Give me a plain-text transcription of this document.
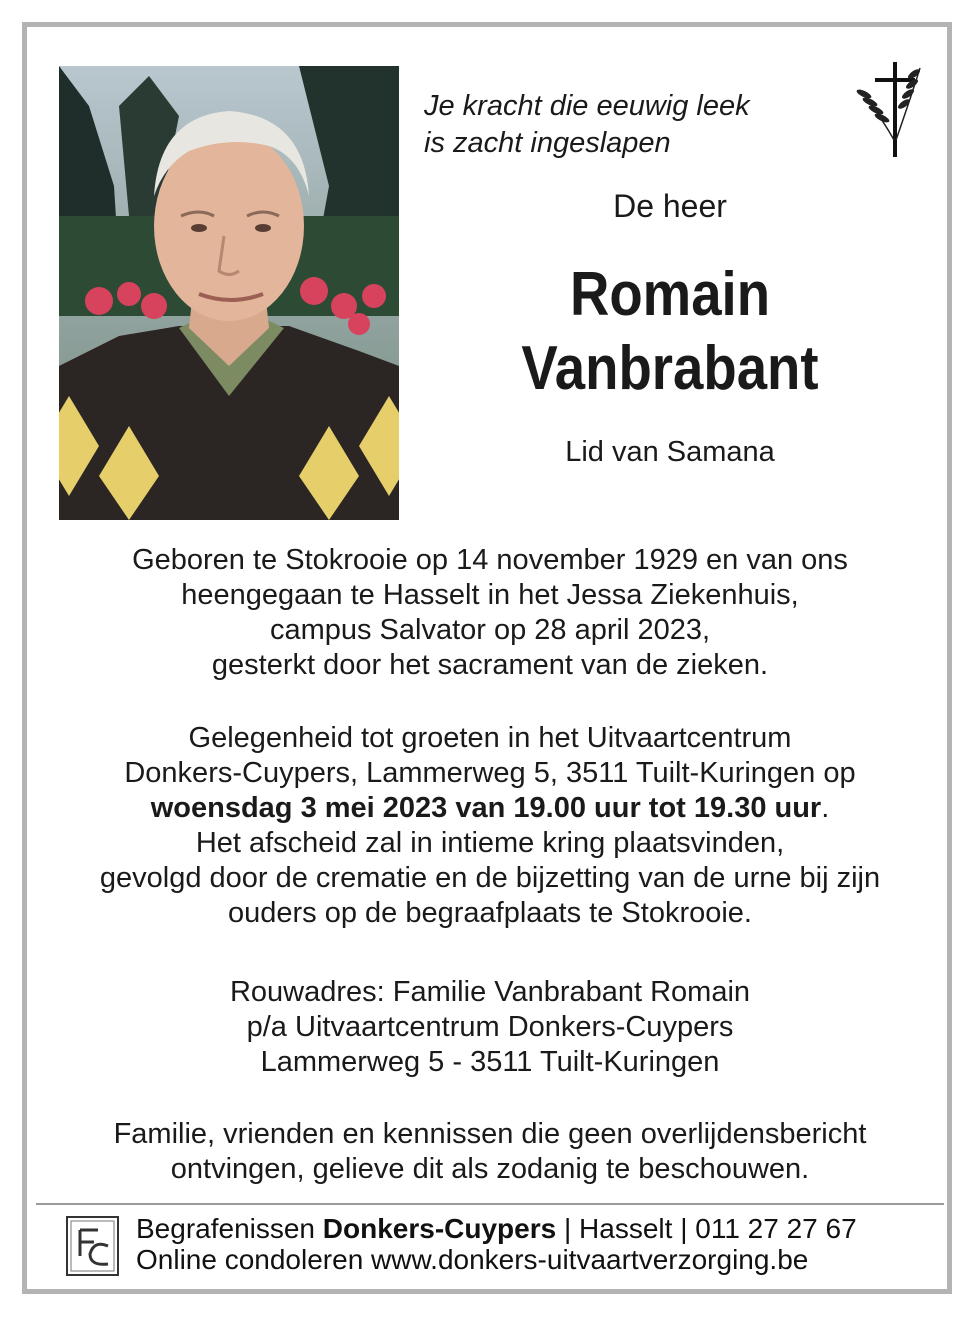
Je kracht die eeuwig leek
is zacht ingeslapen
De heer
Romain
Vanbrabant
Lid van Samana

Geboren te Stokrooie op 14 november 1929 en van ons

heengegaan te Hasselt in het Jessa Ziekenhuis,

campus Salvator op 28 april 2023,

gesterkt door het sacrament van de zieken.

Gelegenheid tot groeten in het Uitvaartcentrum

Donkers-Cuypers, Lammerweg 5, 3511 Tuilt-Kuringen op

woensdag 3 mei 2023 van 19.00 uur tot 19.30 uur.

Het afscheid zal in intieme kring plaatsvinden,

gevolgd door de crematie en de bijzetting van de urne bij zijn

ouders op de begraafplaats te Stokrooie.

Rouwadres: Familie Vanbrabant Romain

p/a Uitvaartcentrum Donkers-Cuypers

Lammerweg 5 - 3511 Tuilt-Kuringen

Familie, vrienden en kennissen die geen overlijdensbericht

ontvingen, gelieve dit als zodanig te beschouwen.

Begrafenissen Donkers-Cuypers | Hasselt | 011 27 27 67
Online condoleren www.donkers-uitvaartverzorging.be
